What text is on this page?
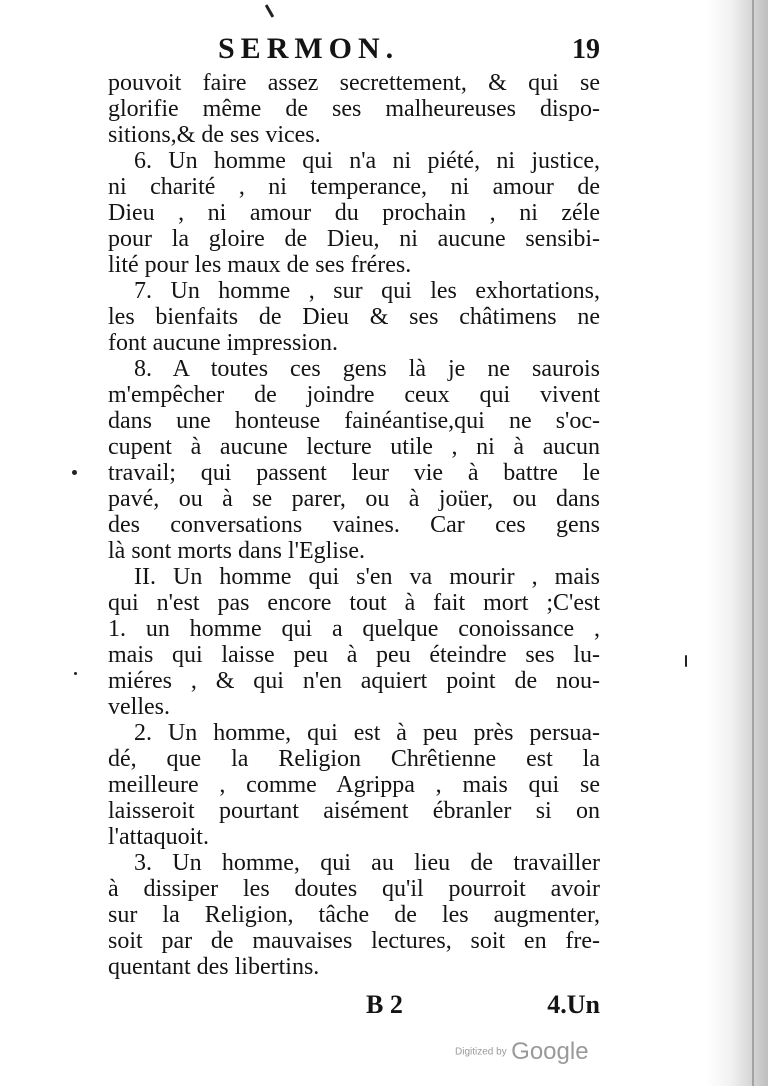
SERMON.	19
pouvoit faire assez secrettement, & qui se
glorifie même de ses malheureuses dispo-
sitions,& de ses vices.
6. Un homme qui n'a ni piété, ni justice,
ni charité , ni temperance, ni amour de
Dieu , ni amour du prochain , ni zéle
pour la gloire de Dieu, ni aucune sensibi-
lité pour les maux de ses fréres.
7. Un homme , sur qui les exhortations,
les bienfaits de Dieu & ses châtimens ne
font aucune impression.
8. A toutes ces gens là je ne saurois
m'empêcher de joindre ceux qui vivent
dans une honteuse fainéantise,qui ne s'oc-
cupent à aucune lecture utile , ni à aucun
travail; qui passent leur vie à battre le
pavé, ou à se parer, ou à joüer, ou dans
des conversations vaines. Car ces gens
là sont morts dans l'Eglise.
II. Un homme qui s'en va mourir , mais
qui n'est pas encore tout à fait mort ;C'est
1. un homme qui a quelque conoissance ,
mais qui laisse peu à peu éteindre ses lu-
miéres , & qui n'en aquiert point de nou-
velles.
2. Un homme, qui est à peu près persua-
dé, que la Religion Chrêtienne est la
meilleure , comme Agrippa , mais qui se
laisseroit pourtant aisément ébranler si on
l'attaquoit.
3. Un homme, qui au lieu de travailler
à dissiper les doutes qu'il pourroit avoir
sur la Religion, tâche de les augmenter,
soit par de mauvaises lectures, soit en fre-
quentant des libertins.
B 2	4.Un
Digitized by Google
